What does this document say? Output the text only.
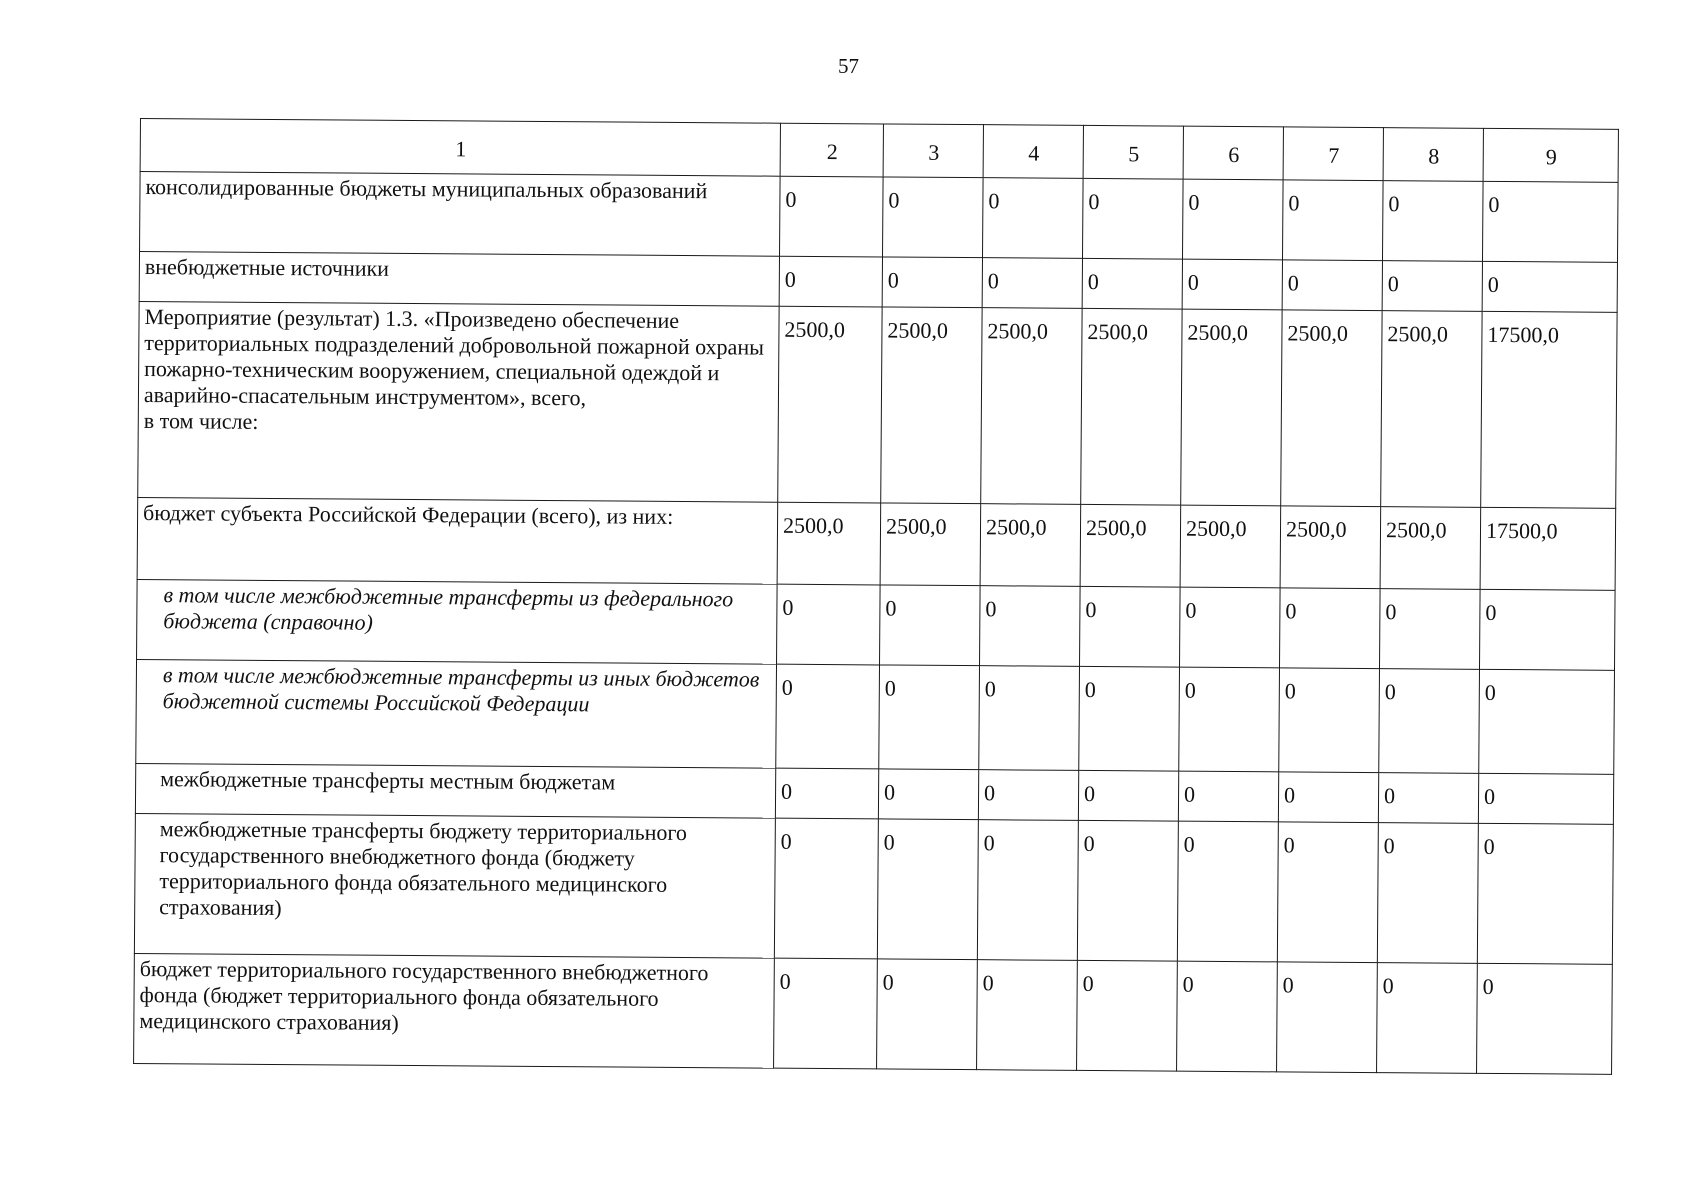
57
1	2	3	4	5	6	7	8	9
консолидированные бюджеты муниципальных образований	0	0	0	0	0	0	0	0
внебюджетные источники	0	0	0	0	0	0	0	0

Мероприятие (результат) 1.3. «Произведено обеспечение территориальных подразделений добровольной пожарной охраны пожарно-техническим вооружением, специальной одеждой и аварийно-спасательным инструментом», всего,
в том числе:	2500,0	2500,0	2500,0	2500,0	2500,0	2500,0	2500,0	17500,0
бюджет субъекта Российской Федерации (всего), из них:	2500,0	2500,0	2500,0	2500,0	2500,0	2500,0	2500,0	17500,0
в том числе межбюджетные трансферты из федерального бюджета (справочно)	0	0	0	0	0	0	0	0
в том числе межбюджетные трансферты из иных бюджетов бюджетной системы Российской Федерации	0	0	0	0	0	0	0	0
межбюджетные трансферты местным бюджетам	0	0	0	0	0	0	0	0
межбюджетные трансферты бюджету территориального государственного внебюджетного фонда (бюджету территориального фонда обязательного медицинского страхования)	0	0	0	0	0	0	0	0
бюджет территориального государственного внебюджетного фонда (бюджет территориального фонда обязательного медицинского страхования)	0	0	0	0	0	0	0	0
